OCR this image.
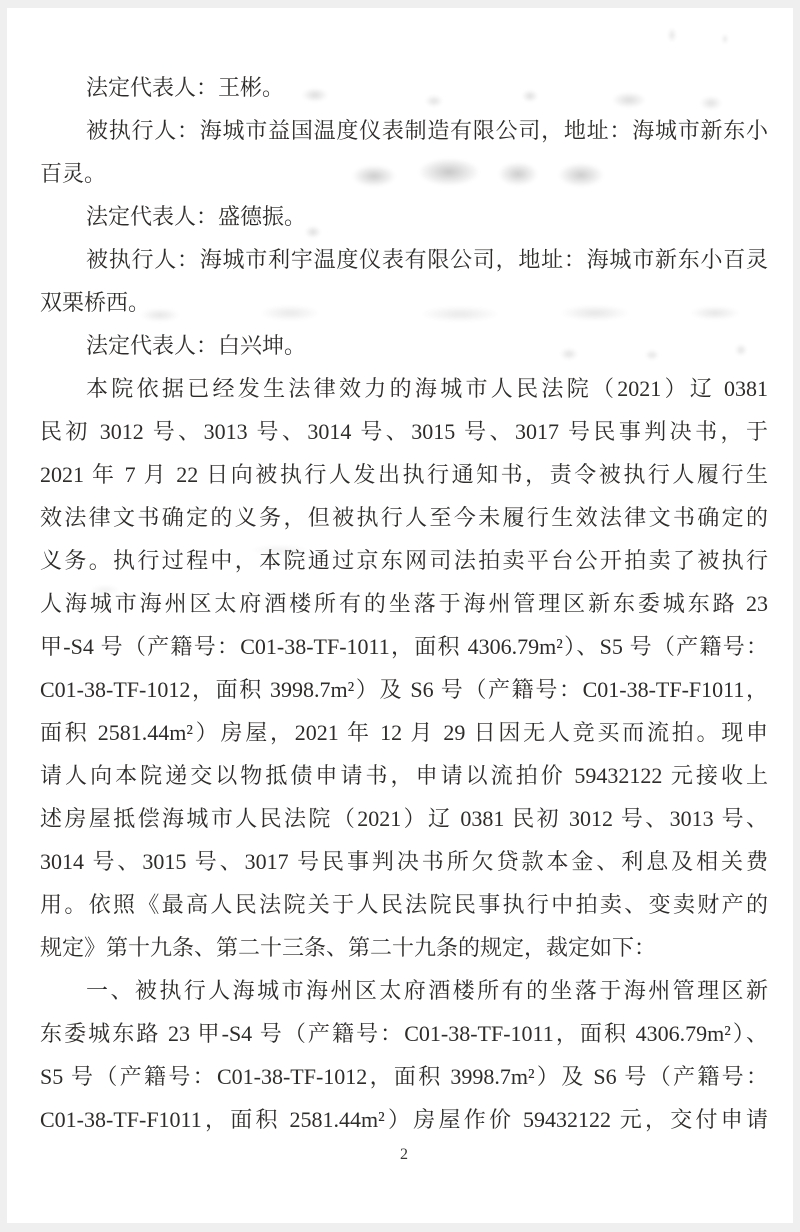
法定代表人：王彬。
被执行人：海城市益国温度仪表制造有限公司，地址：海城市新东小
百灵。
法定代表人：盛德振。
被执行人：海城市利宇温度仪表有限公司，地址：海城市新东小百灵
双栗桥西。
法定代表人：白兴坤。
本院依据已经发生法律效力的海城市人民法院（2021）辽 0381
民初 3012 号、3013 号、3014 号、3015 号、3017 号民事判决书，于
2021 年 7 月 22 日向被执行人发出执行通知书，责令被执行人履行生
效法律文书确定的义务，但被执行人至今未履行生效法律文书确定的
义务。执行过程中，本院通过京东网司法拍卖平台公开拍卖了被执行
人海城市海州区太府酒楼所有的坐落于海州管理区新东委城东路 23
甲-S4 号（产籍号：C01-38-TF-1011，面积 4306.79m²）、S5 号（产籍号：
C01-38-TF-1012，面积 3998.7m²）及 S6 号（产籍号：C01-38-TF-F1011，
面积 2581.44m²）房屋，2021 年 12 月 29 日因无人竞买而流拍。现申
请人向本院递交以物抵债申请书，申请以流拍价 59432122 元接收上
述房屋抵偿海城市人民法院（2021）辽 0381 民初 3012 号、3013 号、
3014 号、3015 号、3017 号民事判决书所欠贷款本金、利息及相关费
用。依照《最高人民法院关于人民法院民事执行中拍卖、变卖财产的
规定》第十九条、第二十三条、第二十九条的规定，裁定如下：
一、被执行人海城市海州区太府酒楼所有的坐落于海州管理区新
东委城东路 23 甲-S4 号（产籍号：C01-38-TF-1011，面积 4306.79m²）、
S5 号（产籍号：C01-38-TF-1012，面积 3998.7m²）及 S6 号（产籍号：
C01-38-TF-F1011，面积 2581.44m²）房屋作价 59432122 元，交付申请
2
